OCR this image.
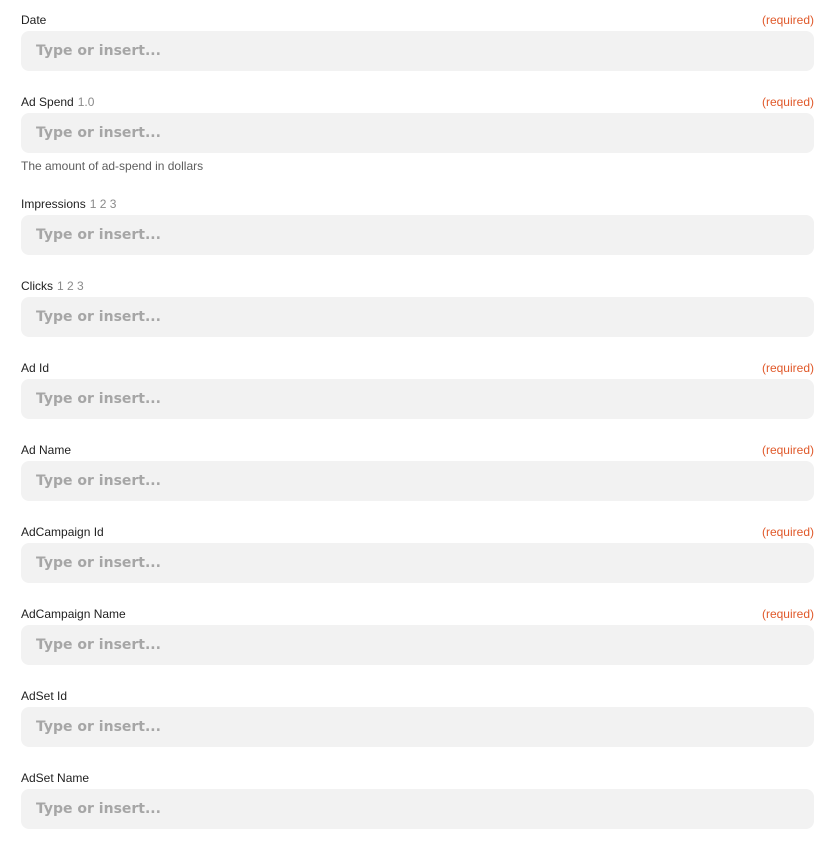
Date	(required)
Type or insert...
Ad Spend 1.0	(required)
Type or insert...
The amount of ad-spend in dollars
Impressions 1 2 3
Type or insert...
Clicks 1 2 3
Type or insert...
Ad Id	(required)
Type or insert...
Ad Name	(required)
Type or insert...
AdCampaign Id	(required)
Type or insert...
AdCampaign Name	(required)
Type or insert...
AdSet Id
Type or insert...
AdSet Name
Type or insert...
